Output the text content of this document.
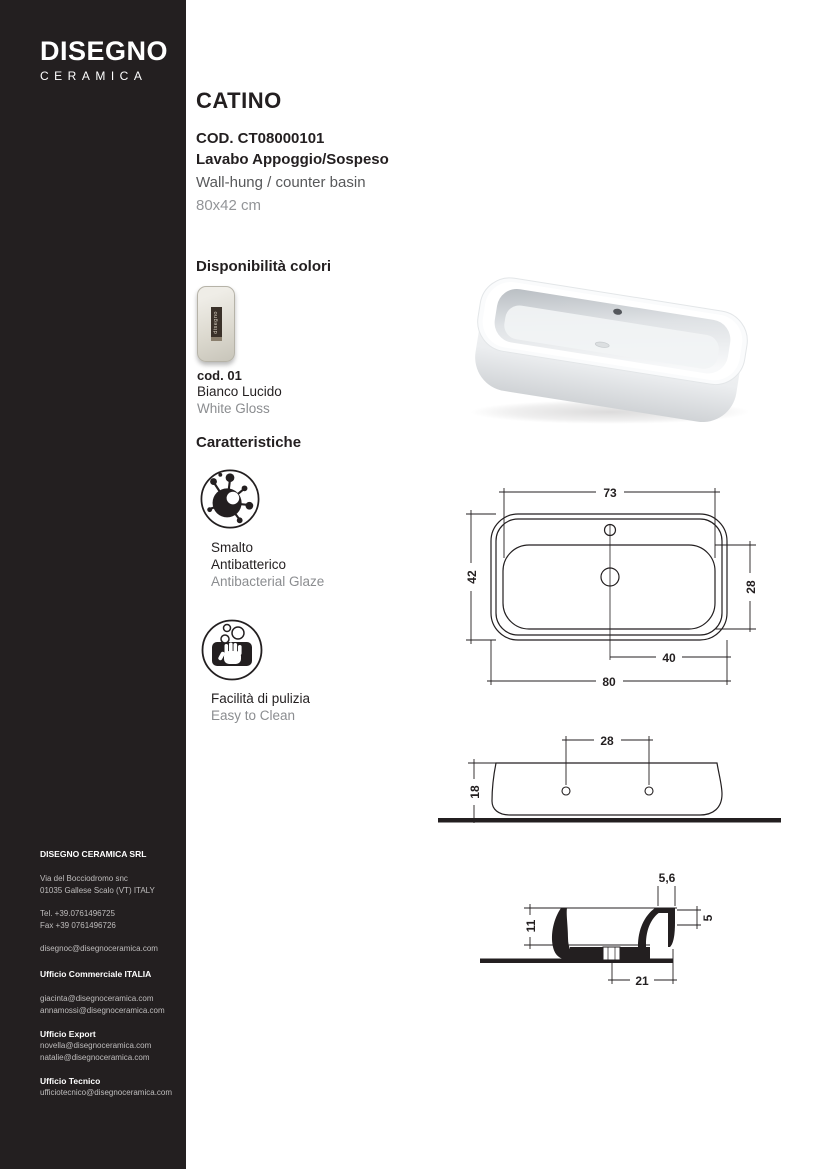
DISEGNO
CERAMICA
DISEGNO CERAMICA SRL
Via del Bocciodromo snc
01035 Gallese Scalo (VT) ITALY
Tel. +39.0761496725
Fax +39 0761496726
disegnoc@disegnoceramica.com
Ufficio Commerciale ITALIA
giacinta@disegnoceramica.com
annamossi@disegnoceramica.com
Ufficio Export
novella@disegnoceramica.com
natalie@disegnoceramica.com
Ufficio Tecnico
ufficiotecnico@disegnoceramica.com
CATINO
COD. CT08000101
Lavabo Appoggio/Sospeso
Wall-hung / counter basin
80x42 cm
Disponibilità colori
disegno
cod. 01
Bianco Lucido
White Gloss
Caratteristiche
Smalto Antibatterico
Antibacterial Glaze
Facilità di pulizia
Easy to Clean
73
42
28
40
80
28
18
5,6
11
5
21
